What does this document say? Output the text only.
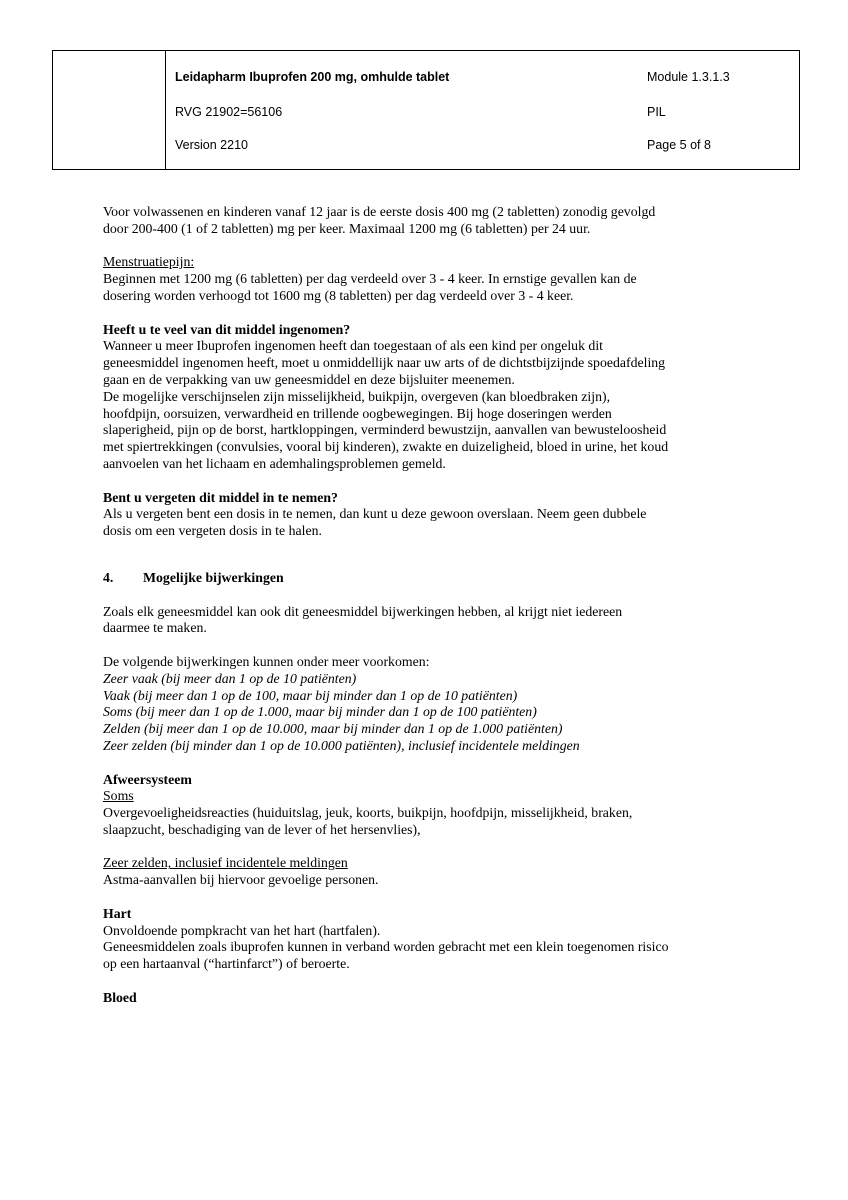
Leidapharm Ibuprofen 200 mg, omhulde tablet	Module 1.3.1.3
RVG 21902=56106	PIL
Version 2210	Page 5 of 8

Voor volwassenen en kinderen vanaf 12 jaar is de eerste dosis 400 mg (2 tabletten) zonodig gevolgd

door 200-400 (1 of 2 tabletten) mg per keer. Maximaal 1200 mg (6 tabletten) per 24 uur.

Menstruatiepijn:

Beginnen met 1200 mg (6 tabletten) per dag verdeeld over 3 - 4 keer. In ernstige gevallen kan de

dosering worden verhoogd tot 1600 mg (8 tabletten) per dag verdeeld over 3 - 4 keer.

Heeft u te veel van dit middel ingenomen?

Wanneer u meer Ibuprofen ingenomen heeft dan toegestaan of als een kind per ongeluk dit

geneesmiddel ingenomen heeft, moet u onmiddellijk naar uw arts of de dichtstbijzijnde spoedafdeling

gaan en de verpakking van uw geneesmiddel en deze bijsluiter meenemen.

De mogelijke verschijnselen zijn misselijkheid, buikpijn, overgeven (kan bloedbraken zijn),

hoofdpijn, oorsuizen, verwardheid en trillende oogbewegingen. Bij hoge doseringen werden

slaperigheid, pijn op de borst, hartkloppingen, verminderd bewustzijn, aanvallen van bewusteloosheid

met spiertrekkingen (convulsies, vooral bij kinderen), zwakte en duizeligheid, bloed in urine, het koud

aanvoelen van het lichaam en ademhalingsproblemen gemeld.

Bent u vergeten dit middel in te nemen?

Als u vergeten bent een dosis in te nemen, dan kunt u deze gewoon overslaan. Neem geen dubbele

dosis om een vergeten dosis in te halen.

4. Mogelijke bijwerkingen

Zoals elk geneesmiddel kan ook dit geneesmiddel bijwerkingen hebben, al krijgt niet iedereen

daarmee te maken.

De volgende bijwerkingen kunnen onder meer voorkomen:

Zeer vaak (bij meer dan 1 op de 10 patiënten)

Vaak (bij meer dan 1 op de 100, maar bij minder dan 1 op de 10 patiënten)

Soms (bij meer dan 1 op de 1.000, maar bij minder dan 1 op de 100 patiënten)

Zelden (bij meer dan 1 op de 10.000, maar bij minder dan 1 op de 1.000 patiënten)

Zeer zelden (bij minder dan 1 op de 10.000 patiënten), inclusief incidentele meldingen

Afweersysteem

Soms

Overgevoeligheidsreacties (huiduitslag, jeuk, koorts, buikpijn, hoofdpijn, misselijkheid, braken,

slaapzucht, beschadiging van de lever of het hersenvlies),

Zeer zelden, inclusief incidentele meldingen

Astma-aanvallen bij hiervoor gevoelige personen.

Hart

Onvoldoende pompkracht van het hart (hartfalen).

Geneesmiddelen zoals ibuprofen kunnen in verband worden gebracht met een klein toegenomen risico

op een hartaanval (“hartinfarct”) of beroerte.

Bloed
